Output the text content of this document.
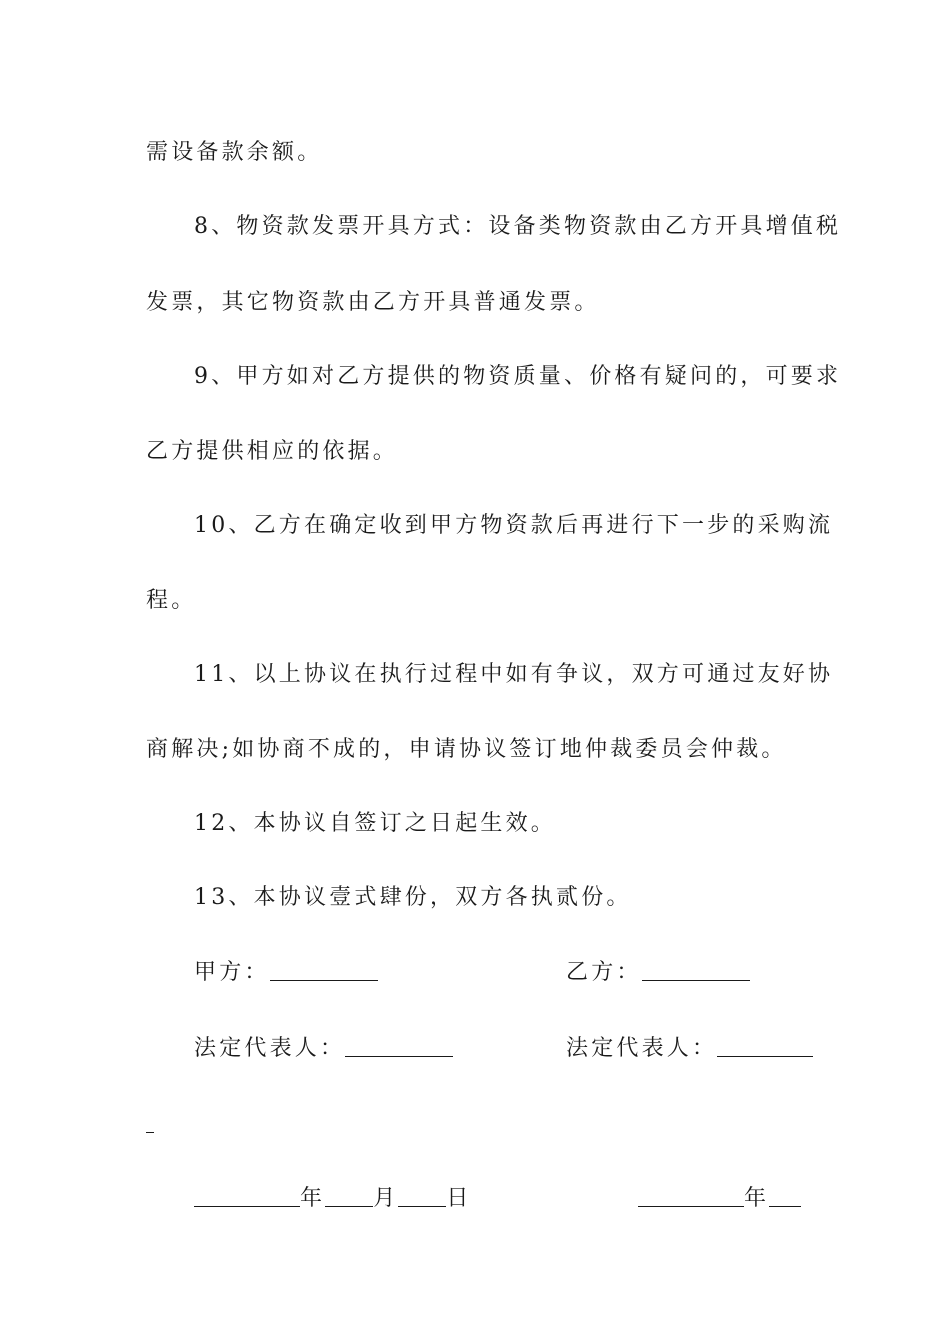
需设备款余额。
8、物资款发票开具方式：设备类物资款由乙方开具增值税
发票，其它物资款由乙方开具普通发票。
9、甲方如对乙方提供的物资质量、价格有疑问的，可要求
乙方提供相应的依据。
10、乙方在确定收到甲方物资款后再进行下一步的采购流
程。
11、以上协议在执行过程中如有争议，双方可通过友好协
商解决;如协商不成的，申请协议签订地仲裁委员会仲裁。
12、本协议自签订之日起生效。
13、本协议壹式肆份，双方各执贰份。
甲方：	乙方：
法定代表人：	法定代表人：
年 月 日	年
